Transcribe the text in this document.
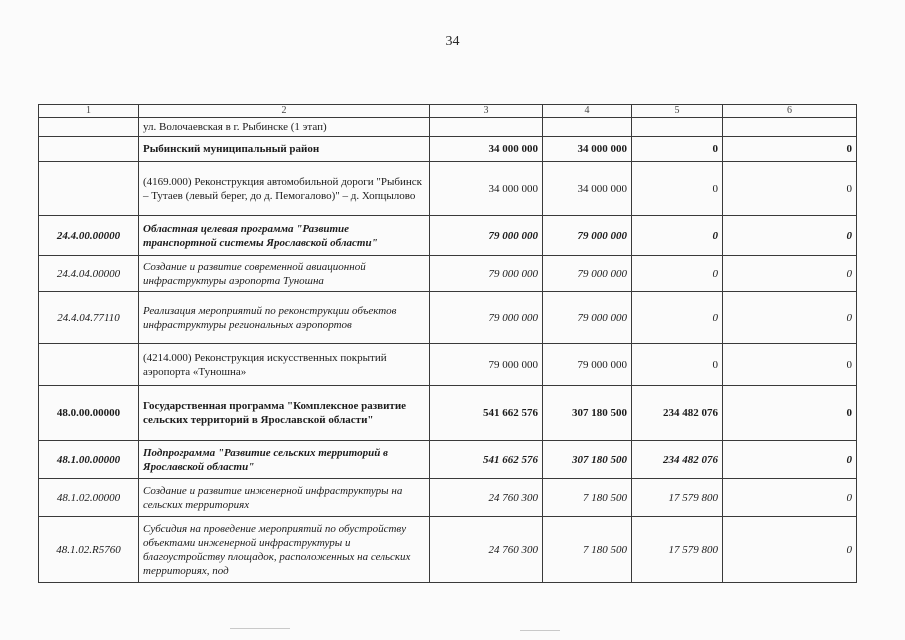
34
1	2	3	4	5	6
	ул. Волочаевская в г. Рыбинске (1 этап)				
	Рыбинский муниципальный район	34 000 000	34 000 000	0	0
	(4169.000) Реконструкция автомобильной дороги "Рыбинск – Тутаев (левый берег, до д. Пемогалово)" – д. Хопцылово	34 000 000	34 000 000	0	0
24.4.00.00000	Областная целевая программа "Развитие транспортной системы Ярославской области"	79 000 000	79 000 000	0	0
24.4.04.00000	Создание и развитие современной авиационной инфраструктуры аэропорта Туношна	79 000 000	79 000 000	0	0
24.4.04.77110	Реализация мероприятий по реконструкции объектов инфраструктуры региональных аэропортов	79 000 000	79 000 000	0	0
	(4214.000) Реконструкция искусственных покрытий аэропорта «Туношна»	79 000 000	79 000 000	0	0
48.0.00.00000	Государственная программа "Комплексное развитие сельских территорий в Ярославской области"	541 662 576	307 180 500	234 482 076	0
48.1.00.00000	Подпрограмма "Развитие сельских территорий в Ярославской области"	541 662 576	307 180 500	234 482 076	0
48.1.02.00000	Создание и развитие инженерной инфраструктуры на сельских территориях	24 760 300	7 180 500	17 579 800	0
48.1.02.R5760	Субсидия на проведение мероприятий по обустройству объектами инженерной инфраструктуры и благоустройству площадок, расположенных на сельских территориях, под	24 760 300	7 180 500	17 579 800	0
